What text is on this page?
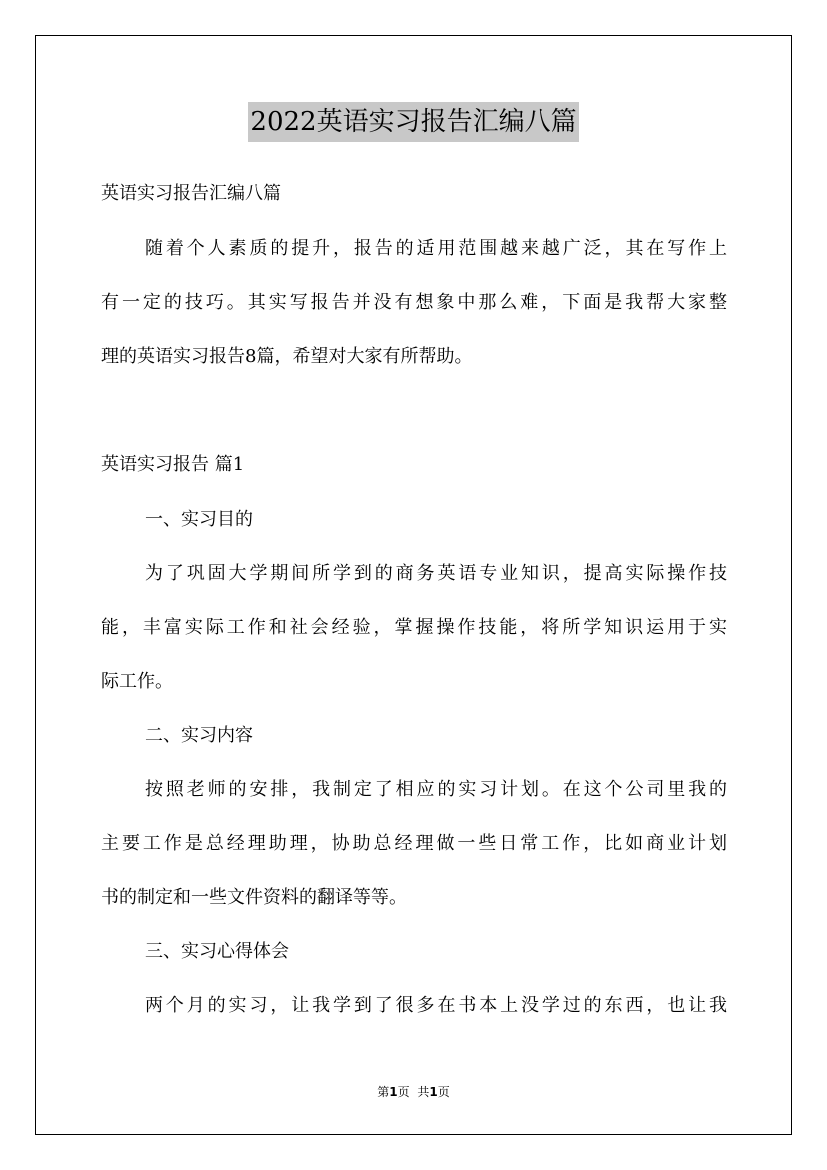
2022英语实习报告汇编八篇
英语实习报告汇编八篇
随着个人素质的提升，报告的适用范围越来越广泛，其在写作上
有一定的技巧。其实写报告并没有想象中那么难，下面是我帮大家整
理的英语实习报告8篇，希望对大家有所帮助。
英语实习报告 篇1
一、实习目的
为了巩固大学期间所学到的商务英语专业知识，提高实际操作技
能，丰富实际工作和社会经验，掌握操作技能，将所学知识运用于实
际工作。
二、实习内容
按照老师的安排，我制定了相应的实习计划。在这个公司里我的
主要工作是总经理助理，协助总经理做一些日常工作，比如商业计划
书的制定和一些文件资料的翻译等等。
三、实习心得体会
两个月的实习，让我学到了很多在书本上没学过的东西，也让我
第1页 共1页
